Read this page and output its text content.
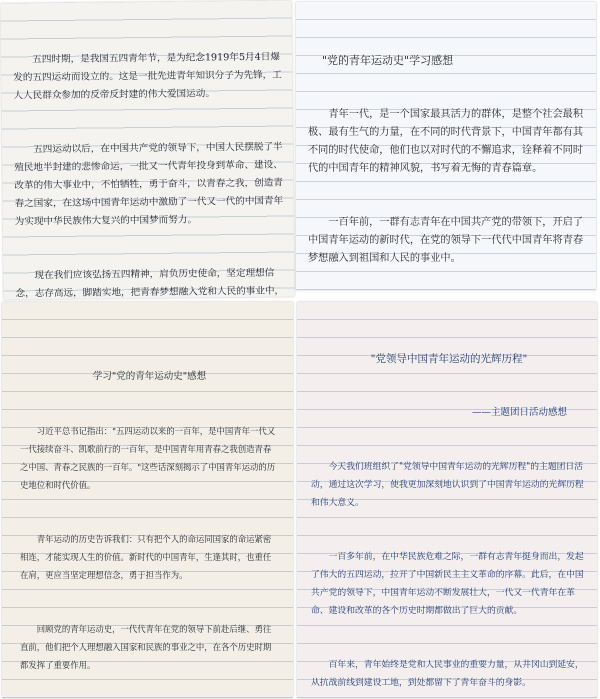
　　五四时期，是我国五四青年节，是为纪念1919年5月4日爆发的五四运动而设立的。这是一批先进青年知识分子为先锋，工人人民群众参加的反帝反封建的伟大爱国运动。

　　五四运动以后，在中国共产党的领导下，中国人民摆脱了半殖民地半封建的悲惨命运，一批又一代青年投身到革命、建设、改革的伟大事业中，不怕牺牲，勇于奋斗，以青春之我，创造青春之国家，在这场中国青年运动中激励了一代又一代的中国青年为实现中华民族伟大复兴的中国梦而努力。

　　现在我们应该弘扬五四精神，肩负历史使命，坚定理想信念，志存高远，脚踏实地，把青春梦想融入党和人民的事业中，在民族复兴的伟大征程中谱写新的篇章。

"党的青年运动史"学习感想

　　青年一代，是一个国家最具活力的群体，是整个社会最积极、最有生气的力量，在不同的时代背景下，中国青年都有其不同的时代使命，他们也以对时代的不懈追求，诠释着不同时代的中国青年的精神风貌，书写着无悔的青春篇章。

　　一百年前，一群有志青年在中国共产党的带领下，开启了中国青年运动的新时代，在党的领导下一代代中国青年将青春梦想融入到祖国和人民的事业中。

学习"党的青年运动史"感想

　　习近平总书记指出："五四运动以来的一百年，是中国青年一代又一代接续奋斗、凯歌前行的一百年，是中国青年用青春之我创造青春之中国、青春之民族的一百年。"这些话深刻揭示了中国青年运动的历史地位和时代价值。

　　青年运动的历史告诉我们：只有把个人的命运同国家的命运紧密相连，才能实现人生的价值。新时代的中国青年，生逢其时，也重任在肩，更应当坚定理想信念，勇于担当作为。

　　回顾党的青年运动史，一代代青年在党的领导下前赴后继、勇往直前，他们把个人理想融入国家和民族的事业之中，在各个历史时期都发挥了重要作用。

"党领导中国青年运动的光辉历程"

——主题团日活动感想

　　今天我们班组织了"党领导中国青年运动的光辉历程"的主题团日活动，通过这次学习，使我更加深刻地认识到了中国青年运动的光辉历程和伟大意义。

　　一百多年前，在中华民族危难之际，一群有志青年挺身而出，发起了伟大的五四运动，拉开了中国新民主主义革命的序幕。此后，在中国共产党的领导下，中国青年运动不断发展壮大，一代又一代青年在革命、建设和改革的各个历史时期都做出了巨大的贡献。

　　百年来，青年始终是党和人民事业的重要力量，从井冈山到延安，从抗战前线到建设工地，到处都留下了青年奋斗的身影。
